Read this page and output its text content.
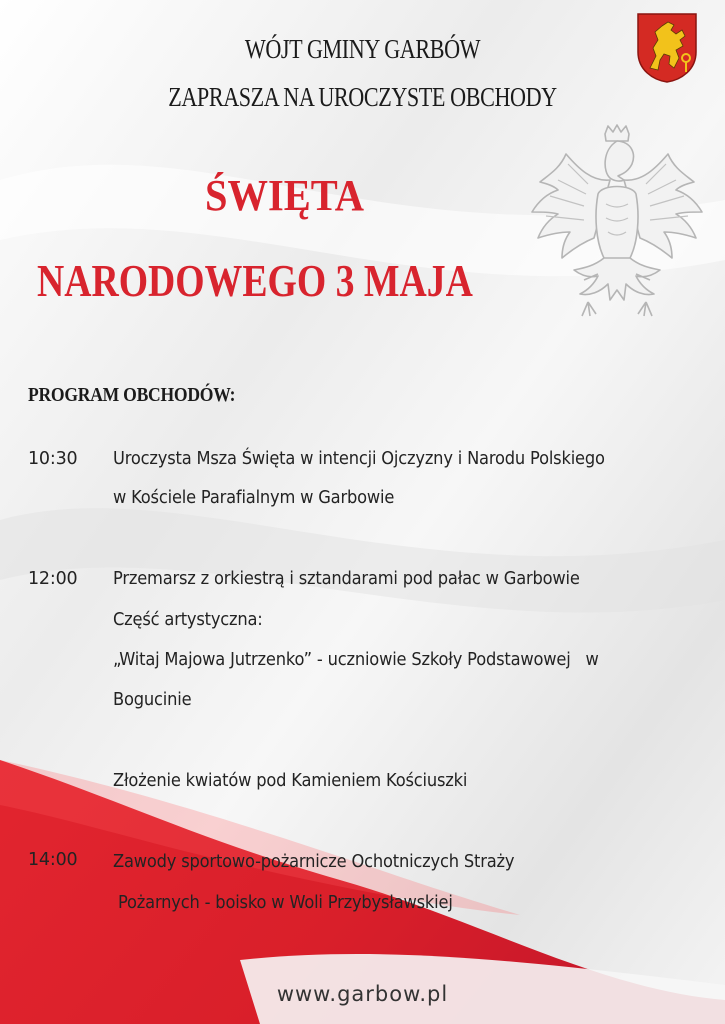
WÓJT GMINY GARBÓW
ZAPRASZA NA UROCZYSTE OBCHODY
ŚWIĘTA
NARODOWEGO 3 MAJA
PROGRAM OBCHODÓW:
10:30 Uroczysta Msza Święta w intencji Ojczyzny i Narodu Polskiego
w Kościele Parafialnym w Garbowie
12:00 Przemarsz z orkiestrą i sztandarami pod pałac w Garbowie
Część artystyczna:
„Witaj Majowa Jutrzenko” - uczniowie Szkoły Podstawowej   w
Bogucinie
Złożenie kwiatów pod Kamieniem Kościuszki
14:00 Zawody sportowo-pożarnicze Ochotniczych Straży
Pożarnych - boisko w Woli Przybysławskiej
www.garbow.pl
